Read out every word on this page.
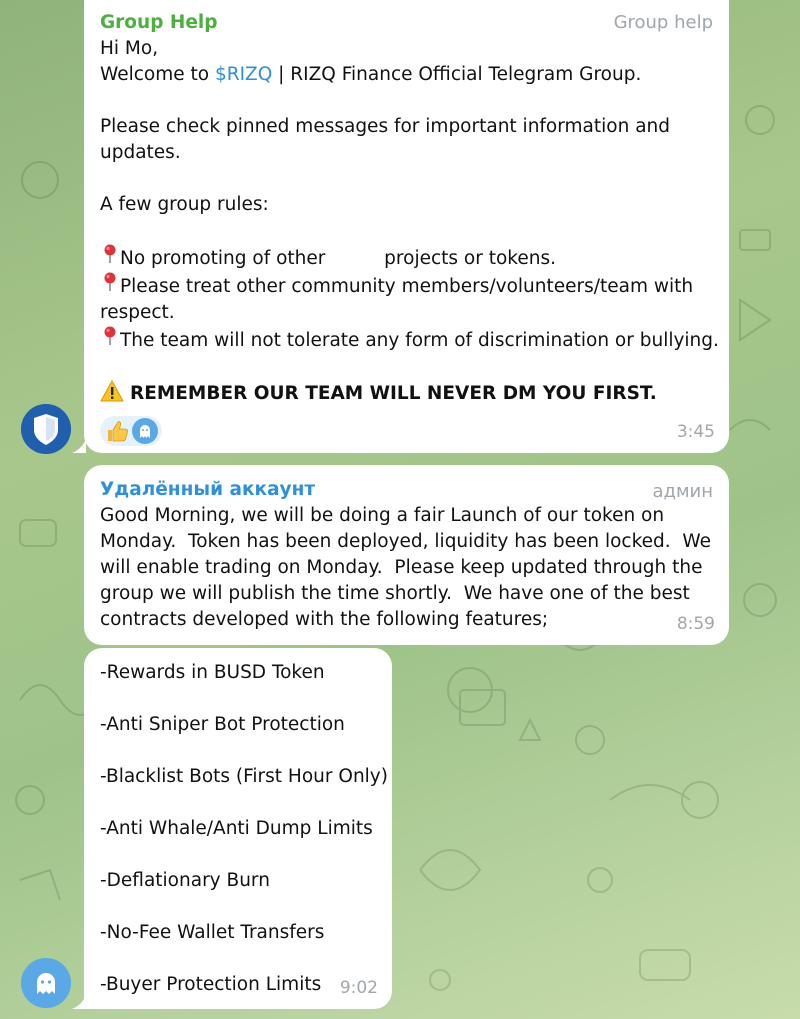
Group Help	Group help
Hi Mo,
Welcome to $RIZQ | RIZQ Finance Official Telegram Group.
Please check pinned messages for important information and
updates.
A few group rules:
No promoting of other          projects or tokens.
Please treat other community members/volunteers/team with
respect.
The team will not tolerate any form of discrimination or bullying.
REMEMBER OUR TEAM WILL NEVER DM YOU FIRST.
3:45
Удалённый аккаунт	админ
Good Morning, we will be doing a fair Launch of our token on
Monday.  Token has been deployed, liquidity has been locked.  We
will enable trading on Monday.  Please keep updated through the
group we will publish the time shortly.  We have one of the best
contracts developed with the following features;	8:59
-Rewards in BUSD Token
-Anti Sniper Bot Protection
-Blacklist Bots (First Hour Only)
-Anti Whale/Anti Dump Limits
-Deflationary Burn
-No-Fee Wallet Transfers
-Buyer Protection Limits	9:02
